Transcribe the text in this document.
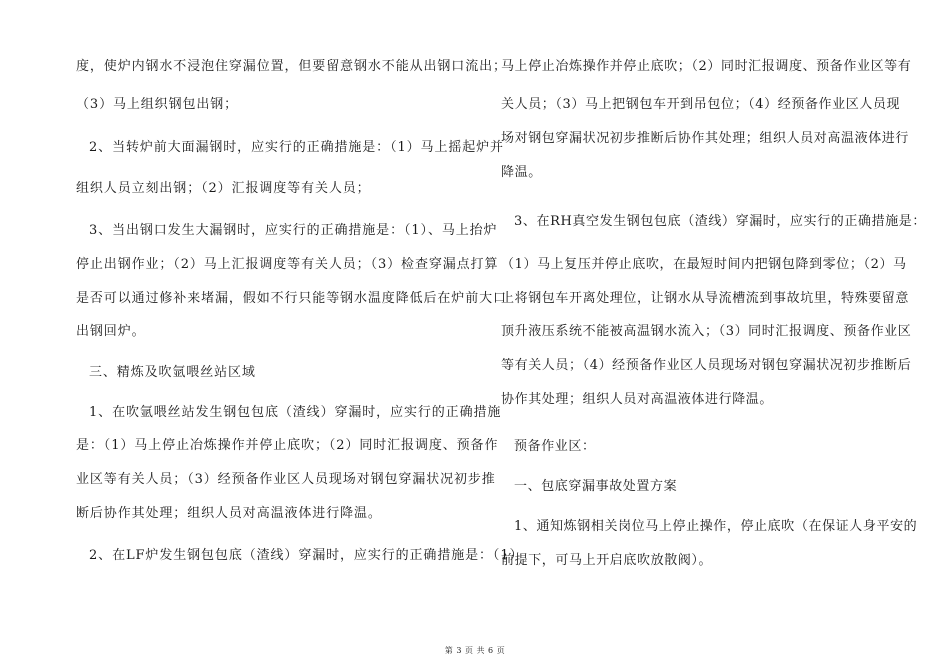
度，使炉内钢水不浸泡住穿漏位置，但要留意钢水不能从出钢口流出；
（3）马上组织钢包出钢；
2、当转炉前大面漏钢时，应实行的正确措施是：（1）马上摇起炉并
组织人员立刻出钢；（2）汇报调度等有关人员；
3、当出钢口发生大漏钢时，应实行的正确措施是：（1）、马上抬炉
停止出钢作业；（2）马上汇报调度等有关人员；（3）检查穿漏点打算
是否可以通过修补来堵漏，假如不行只能等钢水温度降低后在炉前大口
出钢回炉。
三、精炼及吹氩喂丝站区域
1、在吹氩喂丝站发生钢包包底（渣线）穿漏时，应实行的正确措施
是：（1）马上停止冶炼操作并停止底吹；（2）同时汇报调度、预备作
业区等有关人员；（3）经预备作业区人员现场对钢包穿漏状况初步推
断后协作其处理；组织人员对高温液体进行降温。
2、在LF炉发生钢包包底（渣线）穿漏时，应实行的正确措施是：（1）
马上停止冶炼操作并停止底吹；（2）同时汇报调度、预备作业区等有
关人员；（3）马上把钢包车开到吊包位；（4）经预备作业区人员现
场对钢包穿漏状况初步推断后协作其处理；组织人员对高温液体进行
降温。
3、在RH真空发生钢包包底（渣线）穿漏时，应实行的正确措施是：
（1）马上复压并停止底吹，在最短时间内把钢包降到零位；（2）马
上将钢包车开离处理位，让钢水从导流槽流到事故坑里，特殊要留意
顶升液压系统不能被高温钢水流入；（3）同时汇报调度、预备作业区
等有关人员；（4）经预备作业区人员现场对钢包穿漏状况初步推断后
协作其处理；组织人员对高温液体进行降温。
预备作业区：
一、包底穿漏事故处置方案
1、通知炼钢相关岗位马上停止操作，停止底吹（在保证人身平安的
前提下，可马上开启底吹放散阀）。
第 3 页 共 6 页
